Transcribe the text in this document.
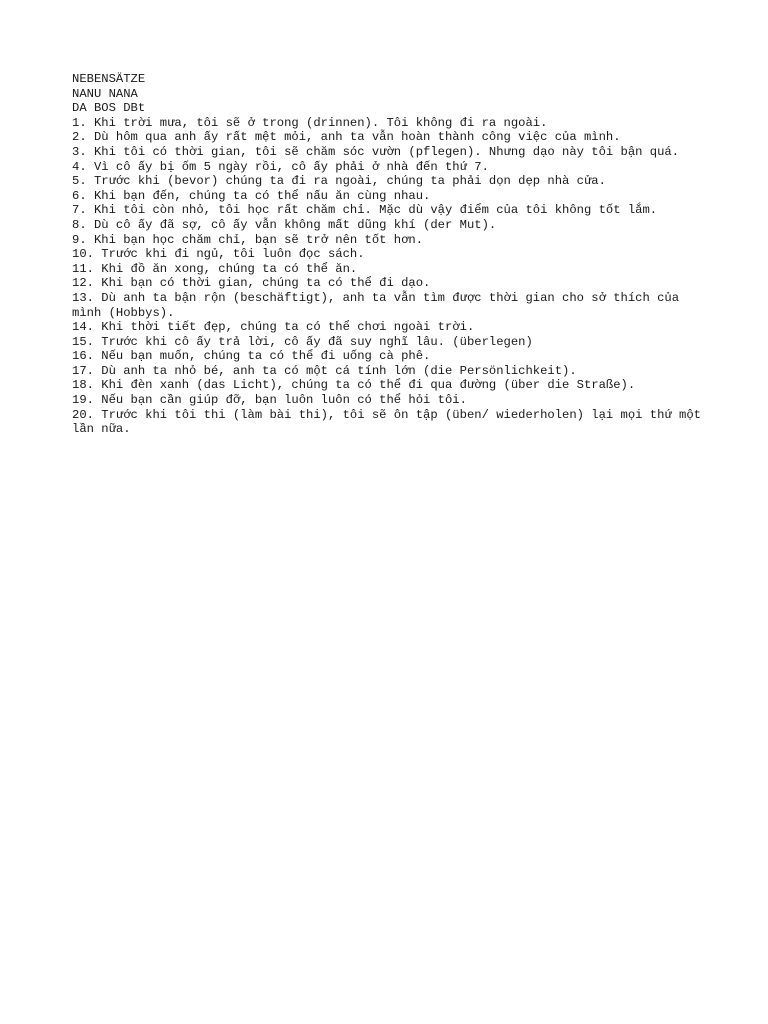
NEBENSÄTZE
NANU NANA
DA BOS DBt
1. Khi trời mưa, tôi sẽ ở trong (drinnen). Tôi không đi ra ngoài.
2. Dù hôm qua anh ấy rất mệt mỏi, anh ta vẫn hoàn thành công việc của mình.
3. Khi tôi có thời gian, tôi sẽ chăm sóc vườn (pflegen). Nhưng dạo này tôi bận quá.
4. Vì cô ấy bị ốm 5 ngày rồi, cô ấy phải ở nhà đến thứ 7.
5. Trước khi (bevor) chúng ta đi ra ngoài, chúng ta phải dọn dẹp nhà cửa.
6. Khi bạn đến, chúng ta có thể nấu ăn cùng nhau.
7. Khi tôi còn nhỏ, tôi học rất chăm chỉ. Mặc dù vậy điểm của tôi không tốt lắm.
8. Dù cô ấy đã sợ, cô ấy vẫn không mất dũng khí (der Mut).
9. Khi bạn học chăm chỉ, bạn sẽ trở nên tốt hơn.
10. Trước khi đi ngủ, tôi luôn đọc sách.
11. Khi đồ ăn xong, chúng ta có thể ăn.
12. Khi bạn có thời gian, chúng ta có thể đi dạo.
13. Dù anh ta bận rộn (beschäftigt), anh ta vẫn tìm được thời gian cho sở thích của mình (Hobbys).
14. Khi thời tiết đẹp, chúng ta có thể chơi ngoài trời.
15. Trước khi cô ấy trả lời, cô ấy đã suy nghĩ lâu. (überlegen)
16. Nếu bạn muốn, chúng ta có thể đi uống cà phê.
17. Dù anh ta nhỏ bé, anh ta có một cá tính lớn (die Persönlichkeit).
18. Khi đèn xanh (das Licht), chúng ta có thể đi qua đường (über die Straße).
19. Nếu bạn cần giúp đỡ, bạn luôn luôn có thể hỏi tôi.
20. Trước khi tôi thi (làm bài thi), tôi sẽ ôn tập (üben/ wiederholen) lại mọi thứ một lần nữa.
